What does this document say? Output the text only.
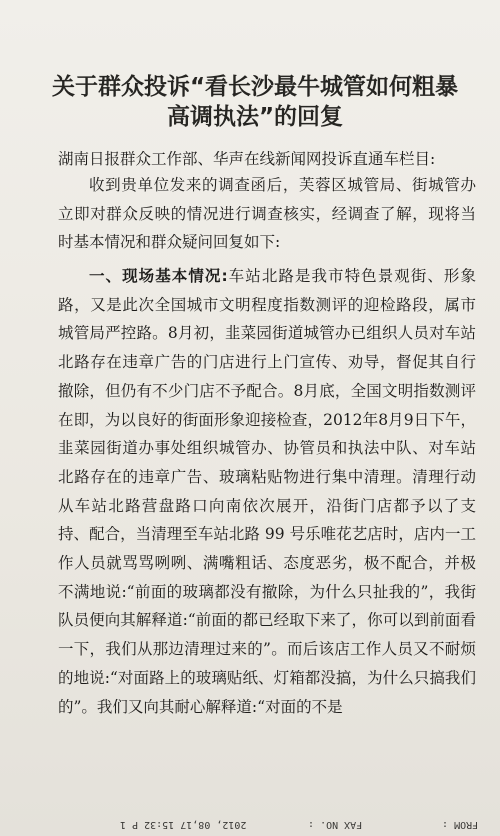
关于群众投诉“看长沙最牛城管如何粗暴
高调执法”的回复
湖南日报群众工作部、华声在线新闻网投诉直通车栏目:
收到贵单位发来的调查函后，芙蓉区城管局、街城管办立即对群众反映的情况进行调查核实，经调查了解，现将当时基本情况和群众疑问回复如下:
一、现场基本情况:车站北路是我市特色景观街、形象路，又是此次全国城市文明程度指数测评的迎检路段，属市城管局严控路。8月初，韭菜园街道城管办已组织人员对车站北路存在违章广告的门店进行上门宣传、劝导，督促其自行撤除，但仍有不少门店不予配合。8月底，全国文明指数测评在即，为以良好的街面形象迎接检查，2012年8月9日下午，韭菜园街道办事处组织城管办、协管员和执法中队、对车站北路存在的违章广告、玻璃粘贴物进行集中清理。清理行动从车站北路营盘路口向南依次展开，沿街门店都予以了支持、配合，当清理至车站北路 99 号乐唯花艺店时，店内一工作人员就骂骂咧咧、满嘴粗话、态度恶劣，极不配合，并极不满地说:“前面的玻璃都没有撤除，为什么只扯我的”，我街队员便向其解释道:“前面的都已经取下来了，你可以到前面看一下，我们从那边清理过来的”。而后该店工作人员又不耐烦的地说:“对面路上的玻璃贴纸、灯箱都没搞，为什么只搞我们的”。我们又向其耐心解释道:“对面的不是
2012, 08,17 15:32 P 1	FAX NO. :	FROM :
